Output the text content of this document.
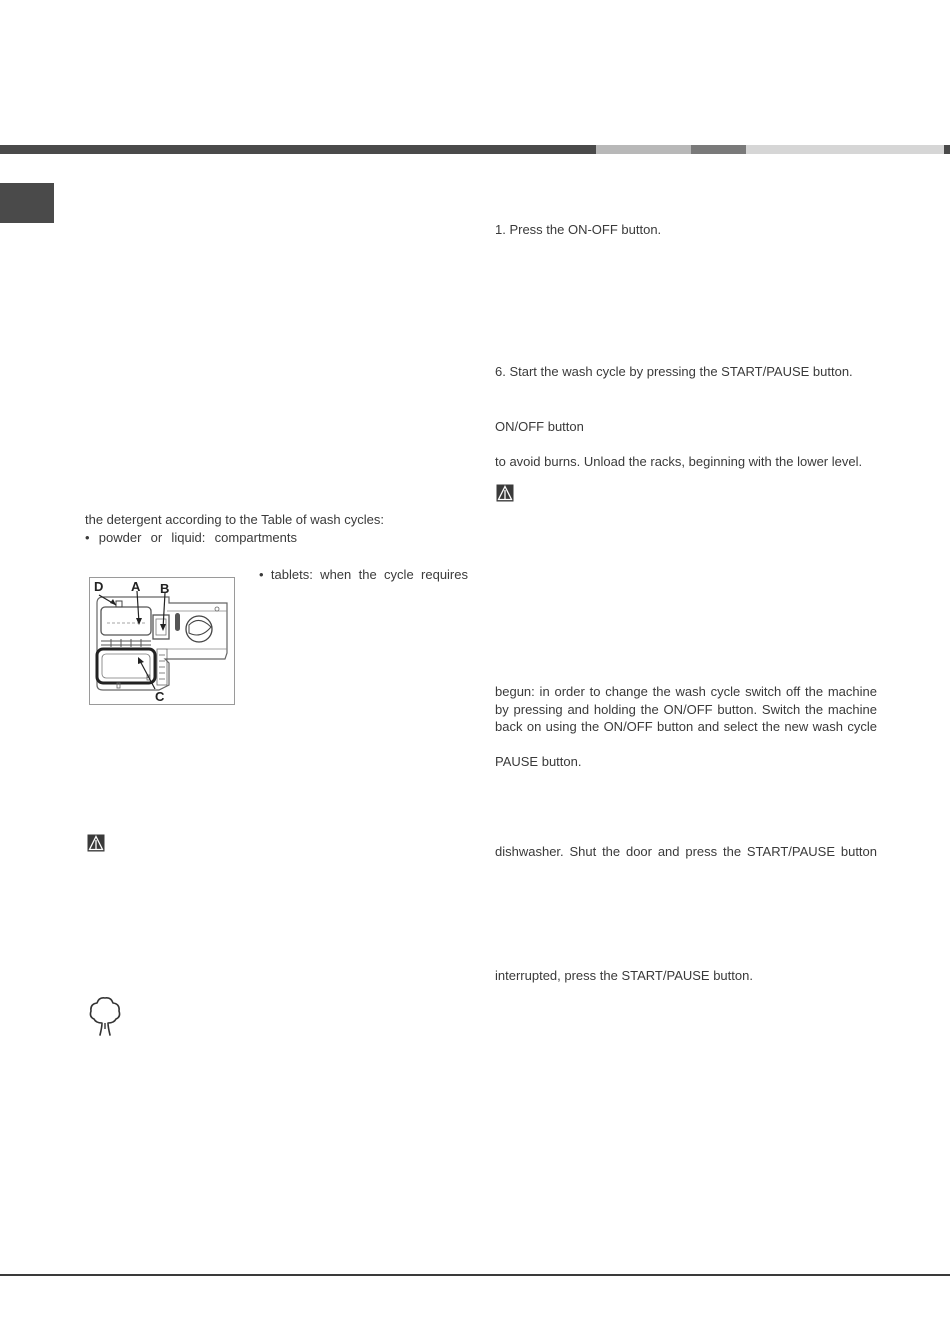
1. Press the ON-OFF button.
6. Start the wash cycle by pressing the START/PAUSE button.
ON/OFF button
to avoid burns. Unload the racks, beginning with the lower level.
begun: in order to change the wash cycle switch off the machine
by pressing and holding the ON/OFF button. Switch the machine
back on using the ON/OFF button and select the new wash cycle
PAUSE button.
dishwasher. Shut the door and press the START/PAUSE button
interrupted, press the START/PAUSE button.
the detergent according to the Table of wash cycles:
• powder or liquid: compartments
• tablets: when the cycle requires
D A B
C
